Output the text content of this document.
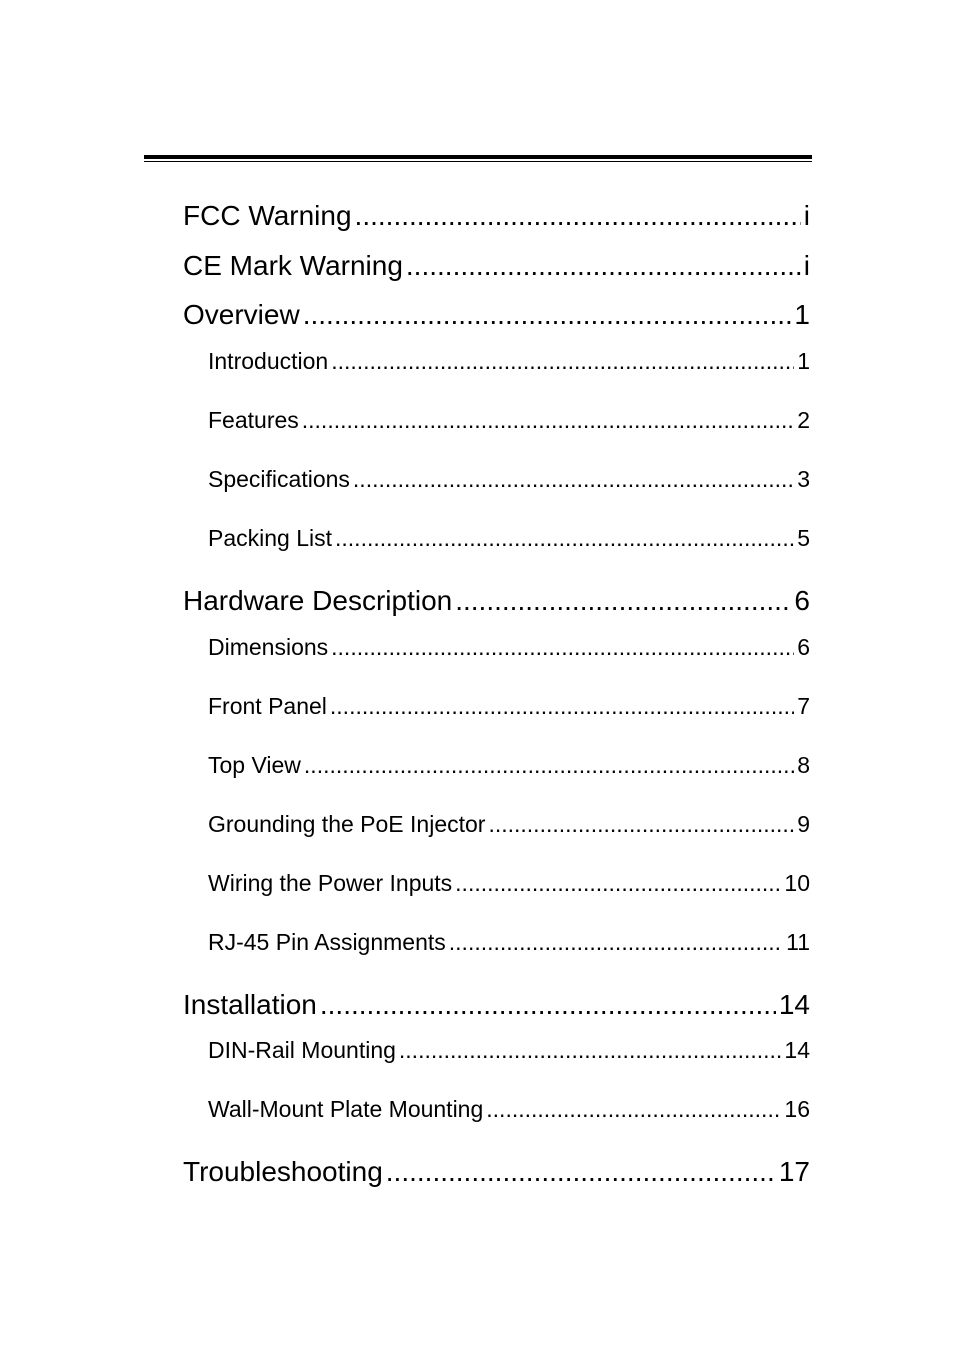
FCC Warning .....	i
CE Mark Warning .....	i
Overview .....	1
Introduction .....	1
Features .....	2
Specifications .....	3
Packing List .....	5
Hardware Description .....	6
Dimensions .....	6
Front Panel .....	7
Top View .....	8
Grounding the PoE Injector .....	9
Wiring the Power Inputs .....	10
RJ-45 Pin Assignments .....	11
Installation .....	14
DIN-Rail Mounting .....	14
Wall-Mount Plate Mounting .....	16
Troubleshooting .....	17
